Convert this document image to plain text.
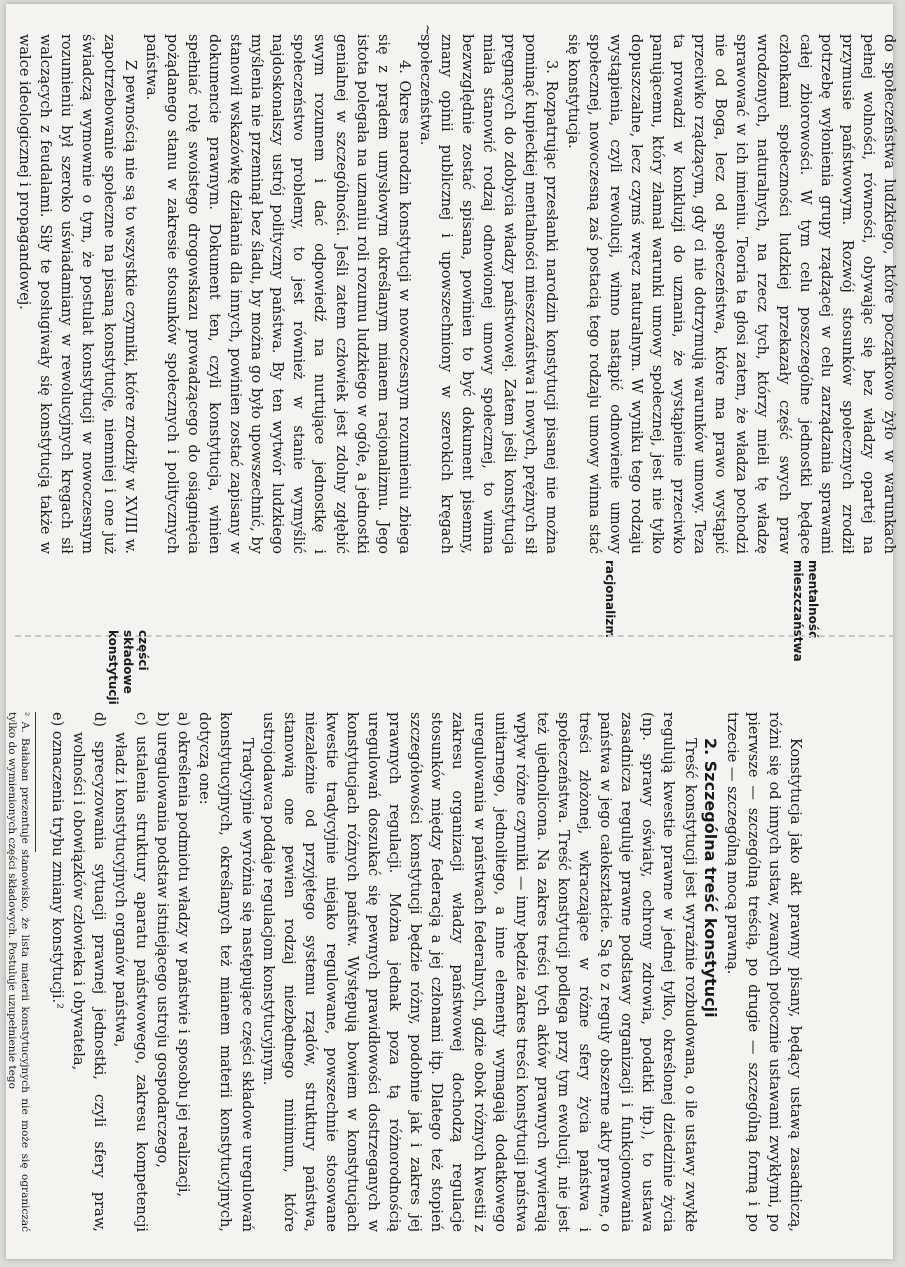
do społeczeństwa ludzkiego, które początkowo żyło w warunkach pełnej wolności, równości, obywając się bez władzy opartej na przymusie państwowym. Rozwój stosunków społecznych zrodził potrzebę wyłonienia grupy rządzącej w celu zarządzania sprawami całej zbiorowości. W tym celu poszczególne jednostki będące członkami społeczności ludzkiej przekazały część swych praw wrodzonych, naturalnych, na rzecz tych, którzy mieli tę władzę sprawować w ich imieniu. Teoria ta głosi zatem, że władza pochodzi nie od Boga, lecz od społeczeństwa, które ma prawo wystąpić przeciwko rządzącym, gdy ci nie dotrzymują warunków umowy. Teza ta prowadzi w konkluzji do uznania, że wystąpienie przeciwko panującemu, który złamał warunki umowy społecznej, jest nie tylko dopuszczalne, lecz czymś wręcz naturalnym. W wyniku tego rodzaju wystąpienia, czyli rewolucji, winno nastąpić odnowienie umowy społecznej, nowoczesną zaś postacią tego rodzaju umowy winna stać się konstytucja.

3. Rozpatrując przesłanki narodzin konstytucji pisanej nie można pominąć kupieckiej mentalności mieszczaństwa i nowych, prężnych sił pręgnących do zdobycia władzy państwowej. Zatem jeśli konstytucja miała stanowić rodzaj odnowionej umowy społecznej, to winna bezwzględnie zostać spisana, powinien to być dokument pisemny, znany opinii publicznej i upowszechniony w szerokich kręgach społeczeństwa.

4. Okres narodzin konstytucji w nowoczesnym rozumieniu zbiega się z prądem umysłowym określanym mianem racjonalizmu. Jego istota polegała na uznaniu roli rozumu ludzkiego w ogóle, a jednostki genialnej w szczególności. Jeśli zatem człowiek jest zdolny zgłębić swym rozumem i dać odpowiedź na nurtujące jednostkę i społeczeństwo problemy, to jest również w stanie wymyślić najdoskonalszy ustrój polityczny państwa. By ten wytwór ludzkiego myślenia nie przeminął bez śladu, by można go było upowszechnić, by stanowił wskazówkę działania dla innych, powinien zostać zapisany w dokumencie prawnym. Dokument ten, czyli konstytucja, winien spełniać rolę swoistego drogowskazu prowadzącego do osiągnięcia pożądanego stanu w zakresie stosunków społecznych i politycznych państwa.

Z pewnością nie są to wszystkie czynniki, które zrodziły w XVIII w. zapotrzebowanie społeczne na pisaną konstytucję, niemniej i one już świadczą wymownie o tym, że postulat konstytucji w nowoczesnym rozumieniu był szeroko uświadamiany w rewolucyjnych kręgach sił walczących z feudalami. Siły te posługiwały się konstytucją także w walce ideologicznej i propagandowej.

mentalność mieszczaństwa
racjonalizm
~

Konstytucja jako akt prawny pisany, będący ustawą zasadniczą, różni się od innych ustaw, zwanych potocznie ustawami zwykłymi, po pierwsze — szczególną treścią, po drugie — szczególną formą i po trzecie — szczególną mocą prawną.

2. Szczególna treść konstytucji

Treść konstytucji jest wyraźnie rozbudowana, o ile ustawy zwykłe regulują kwestie prawne w jednej tylko, określonej dziedzinie życia (np. sprawy oświaty, ochrony zdrowia, podatki itp.), to ustawa zasadnicza reguluje prawne podstawy organizacji i funkcjonowania państwa w jego całokształcie. Są to z reguły obszerne akty prawne, o treści złożonej, wkraczające w różne sfery życia państwa i społeczeństwa. Treść konstytucji podlega przy tym ewolucji, nie jest też ujednolicona. Na zakres treści tych aktów prawnych wywierają wpływ różne czynniki — inny będzie zakres treści konstytucji państwa unitarnego, jednolitego, a inne elementy wymagają dodatkowego uregulowania w państwach federalnych, gdzie obok różnych kwestii z zakresu organizacji władzy państwowej dochodzą regulacje stosunków między federacją a jej członami itp. Dlatego też stopień szczegółowości konstytucji będzie różny, podobnie jak i zakres jej prawnych regulacji. Można jednak poza tą różnorodnością uregulowań doszukać się pewnych prawidłowości dostrzeganych w konstytucjach różnych państw. Występują bowiem w konstytucjach kwestie tradycyjnie niejako regulowane, powszechnie stosowane niezależnie od przyjętego systemu rządów, struktury państwa, stanowią one pewien rodzaj niezbędnego minimum, które ustrojodawca poddaje regulacjom konstytucyjnym.

Tradycyjnie wyróżnia się następujące części składowe uregulowań konstytucyjnych, określanych też mianem materii konstytucyjnych, dotyczą one:

a) określenia podmiotu władzy w państwie i sposobu jej realizacji,
b) uregulowania podstaw istniejącego ustroju gospodarczego,
c) ustalenia struktury aparatu państwowego, zakresu kompetencji władz i konstytucyjnych organów państwa,
d) sprecyzowania sytuacji prawnej jednostki, czyli sfery praw, wolności i obowiązków człowieka i obywatela,
e) oznaczenia trybu zmiany konstytucji.²

² A. Bałaban prezentuje stanowisko, że lista materii konstytucyjnych nie może się ograniczać tylko do wymienionych części składowych. Postuluje uzupełnienie tego

części składowe konstytucji
